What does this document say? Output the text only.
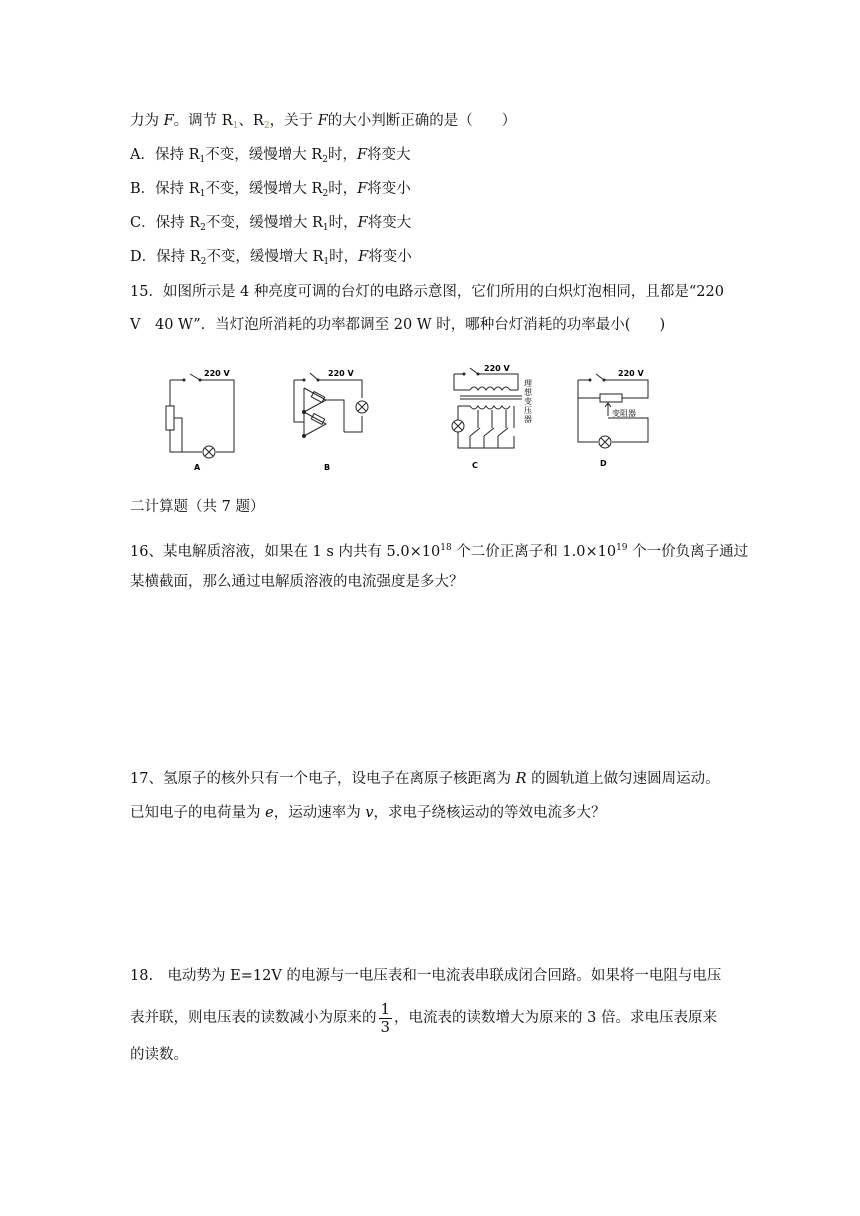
力为 F。调节 $R_1$、$R_2$，关于 F的大小判断正确的是（　　）
A．保持 $R_1$不变，缓慢增大 $R_2$时，F将变大
B．保持 $R_1$不变，缓慢增大 $R_2$时，F将变小
C．保持 $R_2$不变，缓慢增大 $R_1$时，F将变大
D．保持 $R_2$不变，缓慢增大 $R_1$时，F将变小
15．如图所示是 4 种亮度可调的台灯的电路示意图，它们所用的白炽灯泡相同，且都是“220
V　40 W”．当灯泡所消耗的功率都调至 20 W 时，哪种台灯消耗的功率最小(　　)
220 V
A
220 V
B
220 V
理
想
变
压
器
C
220 V
变阻器
D
二计算题（共 7 题）
16、某电解质溶液，如果在 1 s 内共有 $5.0\times 10^{18}$ 个二价正离子和 $1.0\times 10^{19}$ 个一价负离子通过
某横截面，那么通过电解质溶液的电流强度是多大？
17、氢原子的核外只有一个电子，设电子在离原子核距离为 R 的圆轨道上做匀速圆周运动。
已知电子的电荷量为 e，运动速率为 v，求电子绕核运动的等效电流多大？
18.　电动势为 E=12V 的电源与一电压表和一电流表串联成闭合回路。如果将一电阻与电压
表并联，则电压表的读数减小为原来的 $\frac{1}{3}$ ，电流表的读数增大为原来的 3 倍。求电压表原来
的读数。
